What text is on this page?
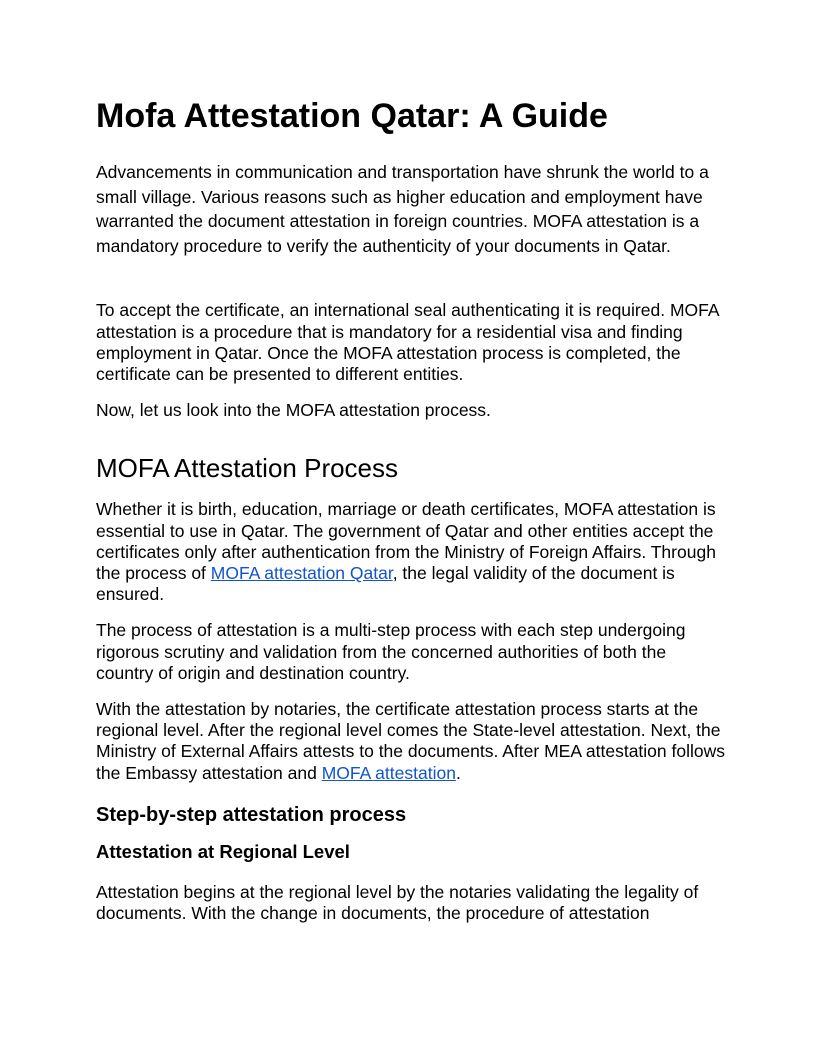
Mofa Attestation Qatar: A Guide

Advancements in communication and transportation have shrunk the world to a small village. Various reasons such as higher education and employment have warranted the document attestation in foreign countries. MOFA attestation is a mandatory procedure to verify the authenticity of your documents in Qatar.

To accept the certificate, an international seal authenticating it is required. MOFA attestation is a procedure that is mandatory for a residential visa and finding employment in Qatar. Once the MOFA attestation process is completed, the certificate can be presented to different entities.

Now, let us look into the MOFA attestation process.

MOFA Attestation Process

Whether it is birth, education, marriage or death certificates, MOFA attestation is essential to use in Qatar. The government of Qatar and other entities accept the certificates only after authentication from the Ministry of Foreign Affairs. Through the process of MOFA attestation Qatar, the legal validity of the document is ensured.

The process of attestation is a multi-step process with each step undergoing rigorous scrutiny and validation from the concerned authorities of both the country of origin and destination country.

With the attestation by notaries, the certificate attestation process starts at the regional level. After the regional level comes the State-level attestation. Next, the Ministry of External Affairs attests to the documents. After MEA attestation follows the Embassy attestation and MOFA attestation.

Step-by-step attestation process
Attestation at Regional Level

Attestation begins at the regional level by the notaries validating the legality of documents. With the change in documents, the procedure of attestation
